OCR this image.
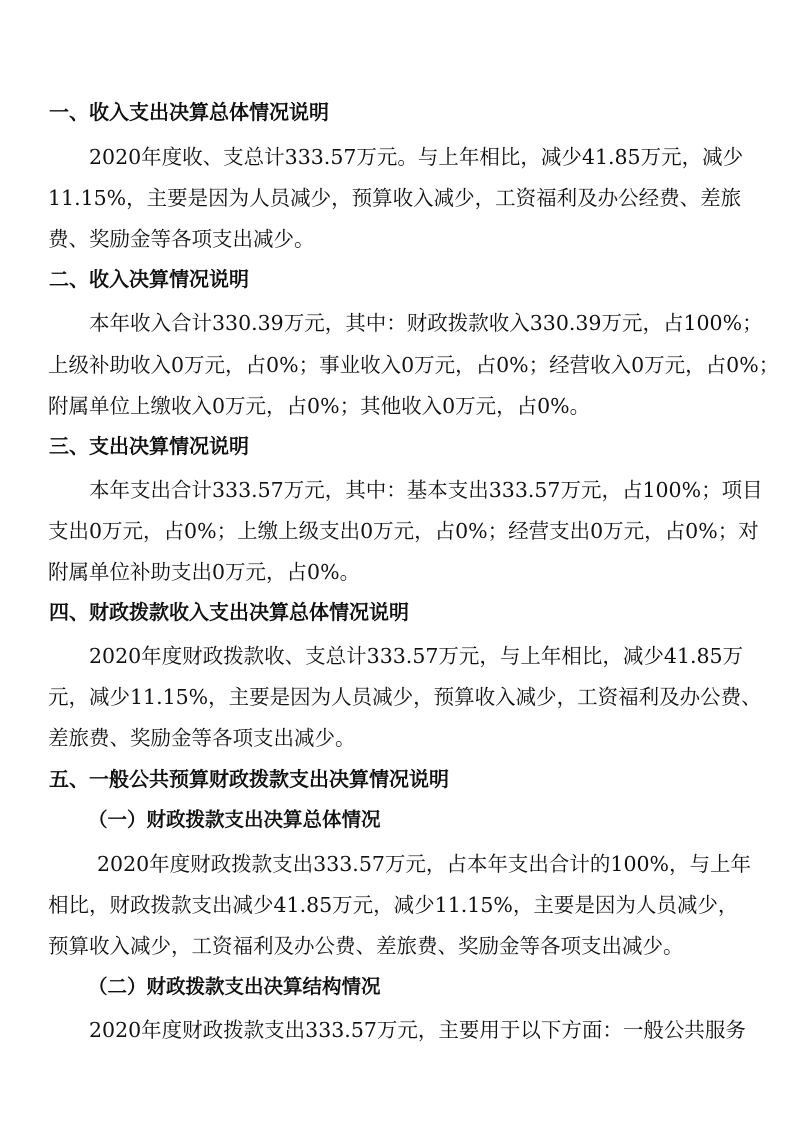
一、收入支出决算总体情况说明

2020年度收、支总计333.57万元。与上年相比，减少41.85万元，减少

11.15%，主要是因为人员减少，预算收入减少，工资福利及办公经费、差旅

费、奖励金等各项支出减少。

二、收入决算情况说明

本年收入合计330.39万元，其中：财政拨款收入330.39万元，占100%；

上级补助收入0万元，占0%；事业收入0万元，占0%；经营收入0万元，占0%；

附属单位上缴收入0万元，占0%；其他收入0万元，占0%。

三、支出决算情况说明

本年支出合计333.57万元，其中：基本支出333.57万元，占100%；项目

支出0万元，占0%；上缴上级支出0万元，占0%；经营支出0万元，占0%；对

附属单位补助支出0万元，占0%。

四、财政拨款收入支出决算总体情况说明

2020年度财政拨款收、支总计333.57万元，与上年相比，减少41.85万

元，减少11.15%，主要是因为人员减少，预算收入减少，工资福利及办公费、

差旅费、奖励金等各项支出减少。

五、一般公共预算财政拨款支出决算情况说明

（一）财政拨款支出决算总体情况

2020年度财政拨款支出333.57万元，占本年支出合计的100%，与上年

相比，财政拨款支出减少41.85万元，减少11.15%，主要是因为人员减少，

预算收入减少，工资福利及办公费、差旅费、奖励金等各项支出减少。

（二）财政拨款支出决算结构情况

2020年度财政拨款支出333.57万元，主要用于以下方面：一般公共服务
